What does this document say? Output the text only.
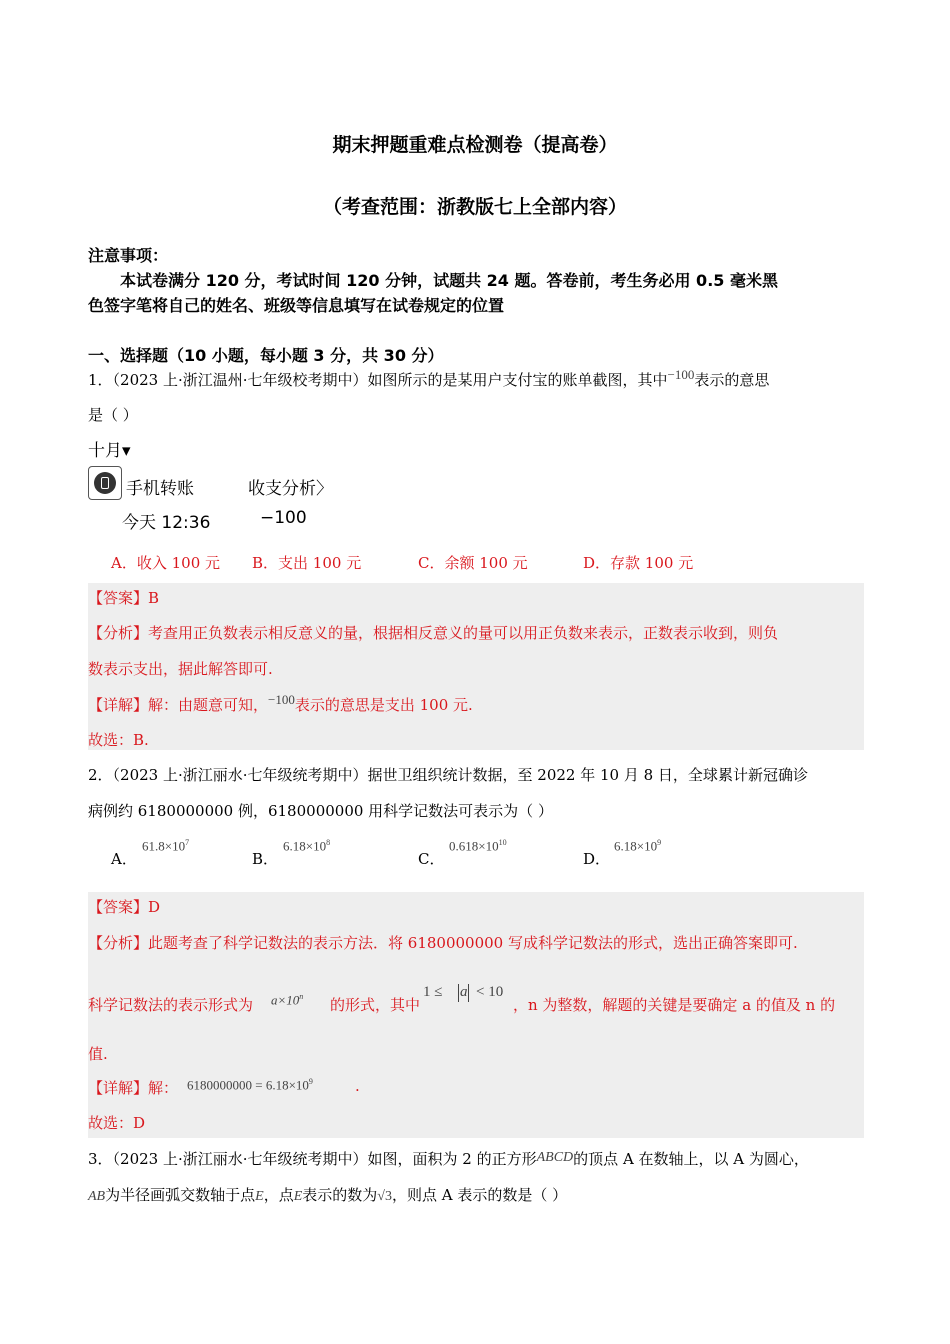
期末押题重难点检测卷（提高卷）
（考查范围：浙教版七上全部内容）
注意事项：
本试卷满分 120 分，考试时间 120 分钟，试题共 24 题。答卷前，考生务必用 0.5 毫米黑
色签字笔将自己的姓名、班级等信息填写在试卷规定的位置
一、选择题（10 小题，每小题 3 分，共 30 分）
1．（2023 上·浙江温州·七年级校考期中）如图所示的是某用户支付宝的账单截图，其中−100表示的意思
是（ ）
十月▾
手机转账	收支分析〉
今天 12:36	−100
A．收入 100 元 B．支出 100 元	C．余额 100 元	D．存款 100 元
【答案】B
【分析】考查用正负数表示相反意义的量，根据相反意义的量可以用正负数来表示，正数表示收到，则负
数表示支出，据此解答即可.
【详解】解：由题意可知，−100表示的意思是支出 100 元.
故选：B.
2．（2023 上·浙江丽水·七年级统考期中）据世卫组织统计数据，至 2022 年 10 月 8 日，全球累计新冠确诊
病例约 6180000000 例，6180000000 用科学记数法可表示为（ ）
A．
$61.8\times 10^7$
B．
$6.18\times 10^8$
C．
$0.618\times 10^{10}$
D．
$6.18\times 10^9$
【答案】D
【分析】此题考查了科学记数法的表示方法．将 6180000000 写成科学记数法的形式，选出正确答案即可.
科学记数法的表示形式为 $a\times 10^n$ 的形式，其中
1 ≤ a < 10
，n 为整数，解题的关键是要确定 a 的值及 n 的
值.
【详解】解： $6180000000 = 6.18\times 10^9$	.
故选：D
3．（2023 上·浙江丽水·七年级统考期中）如图，面积为 2 的正方形ABCD的顶点 A 在数轴上，以 A 为圆心，
AB为半径画弧交数轴于点E，点E表示的数为√3，则点 A 表示的数是（ ）
